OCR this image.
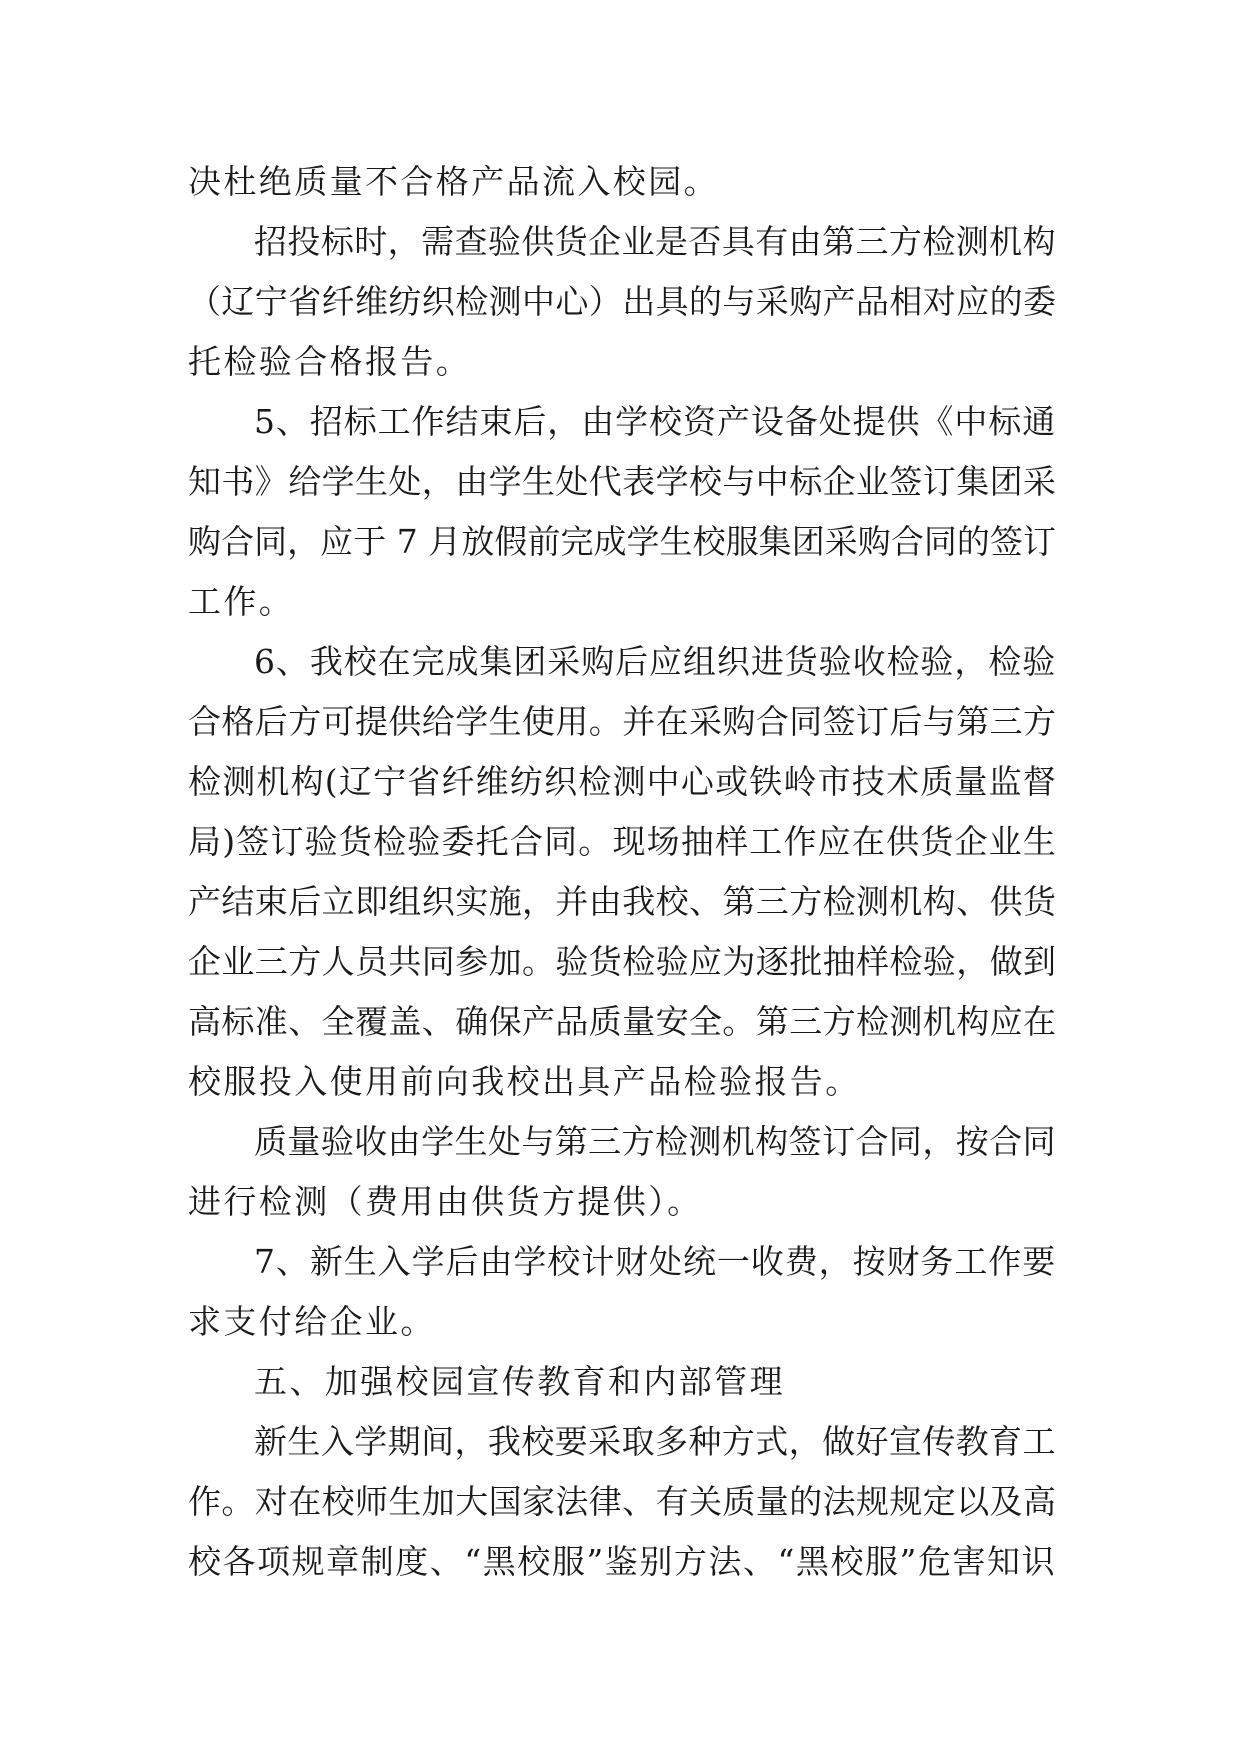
决杜绝质量不合格产品流入校园。
招投标时，需查验供货企业是否具有由第三方检测机构
（辽宁省纤维纺织检测中心）出具的与采购产品相对应的委
托检验合格报告。
5、招标工作结束后，由学校资产设备处提供《中标通
知书》给学生处，由学生处代表学校与中标企业签订集团采
购合同，应于 7 月放假前完成学生校服集团采购合同的签订
工作。
6、我校在完成集团采购后应组织进货验收检验，检验
合格后方可提供给学生使用。并在采购合同签订后与第三方
检测机构(辽宁省纤维纺织检测中心或铁岭市技术质量监督
局)签订验货检验委托合同。现场抽样工作应在供货企业生
产结束后立即组织实施，并由我校、第三方检测机构、供货
企业三方人员共同参加。验货检验应为逐批抽样检验，做到
高标准、全覆盖、确保产品质量安全。第三方检测机构应在
校服投入使用前向我校出具产品检验报告。
质量验收由学生处与第三方检测机构签订合同，按合同
进行检测（费用由供货方提供）。
7、新生入学后由学校计财处统一收费，按财务工作要
求支付给企业。
五、加强校园宣传教育和内部管理
新生入学期间，我校要采取多种方式，做好宣传教育工
作。对在校师生加大国家法律、有关质量的法规规定以及高
校各项规章制度、“黑校服”鉴别方法、“黑校服”危害知识
